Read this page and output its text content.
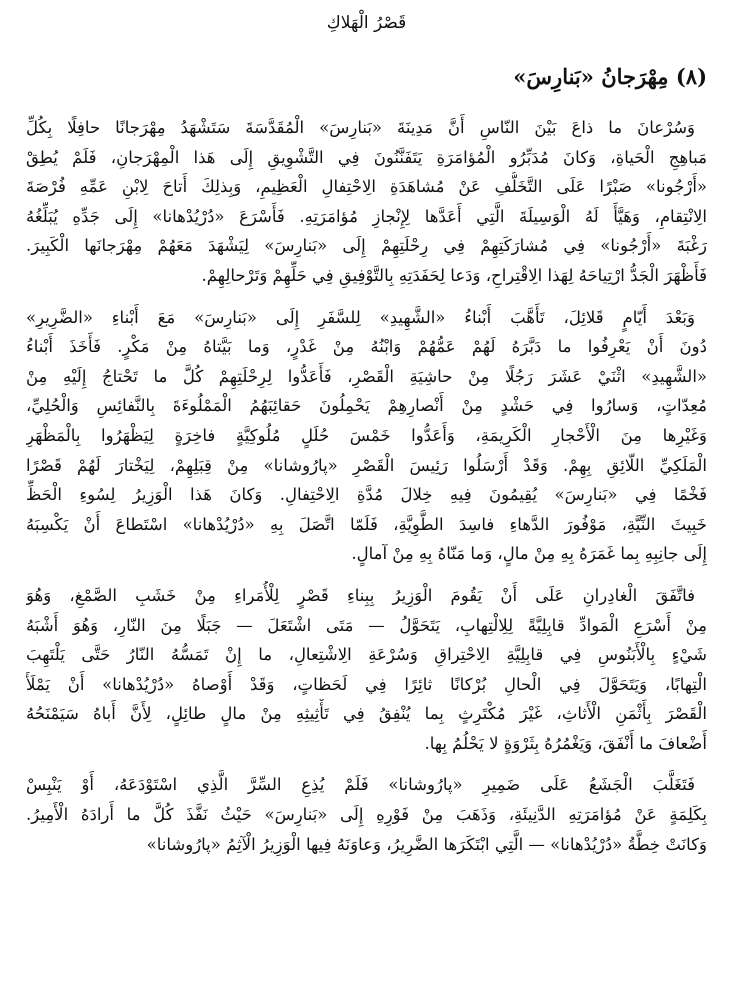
قَصْرُ الْهَلاكِ
(٨) مِهْرَجانُ «بَنارِسَ»
وَسُرْعانَ ما ذاعَ بَيْنَ النّاسِ أَنَّ مَدِينَةَ «بَنارِسَ» الْمُقَدَّسَةَ سَتَشْهَدُ مِهْرَجانًا حافِلًا بِكُلِّ
مَباهِجِ الْحَياةِ، وَكانَ مُدَبِّرُو الْمُؤامَرَةِ يَتَفَنَّنُونَ فِي التَّشْوِيقِ إِلَى هَذا الْمِهْرَجانِ، فَلَمْ يُطِقْ
«أَرْجُونا» صَبْرًا عَلَى التَّخَلُّفِ عَنْ مُشاهَدَةِ الِاحْتِفالِ الْعَظِيمِ، وَبِذلِكَ أَتاحَ لِابْنِ عَمِّهِ فُرْصَةَ
الِانْتِقامِ، وَهَيَّأَ لَهُ الْوَسِيلَةَ الَّتِي أَعَدَّها لِإِنْجازِ مُؤامَرَتِهِ. فَأَسْرَعَ «دُرْيُدْهانا» إِلَى جَدِّهِ يُبَلِّغُهُ
رَغْبَةَ «أَرْجُونا» فِي مُشارَكَتِهِمْ فِي رِحْلَتِهِمْ إِلَى «بَنارِسَ» لِيَشْهَدَ مَعَهُمْ مِهْرَجانَها الْكَبِيرَ.
فَأَظْهَرَ الْجَدُّ ارْتِياحَهُ لِهَذا الِاقْتِراحِ، وَدَعا لِحَفَدَتِهِ بِالتَّوْفِيقِ فِي حَلِّهِمْ وَتَرْحالِهِمْ.
وَبَعْدَ أَيّامٍ قَلائِلَ، تَأَهَّبَ أَبْناءُ «الشَّهِيدِ» لِلسَّفَرِ إِلَى «بَنارِسَ» مَعَ أَبْناءِ «الضَّرِيرِ»
دُونَ أَنْ يَعْرِفُوا ما دَبَّرَهُ لَهُمْ عَمُّهُمْ وَابْنُهُ مِنْ غَدْرٍ، وَما بَيَّتاهُ مِنْ مَكْرٍ. فَأَخَذَ أَبْناءُ
«الشَّهِيدِ» اثْنَيْ عَشَرَ رَجُلًا مِنْ حاشِيَةِ الْقَصْرِ، فَأَعَدُّوا لِرِحْلَتِهِمْ كُلَّ ما تَحْتاجُ إِلَيْهِ مِنْ
مُعِدّاتٍ، وَسارُوا فِي حَشْدٍ مِنْ أَنْصارِهِمْ يَحْمِلُونَ حَقائِبَهُمُ الْمَمْلُوءَةَ بِالنَّفائِسِ وَالْحُلِيِّ،
وَغَيْرِها مِنَ الْأَحْجارِ الْكَرِيمَةِ، وَأَعَدُّوا خَمْسَ حُلَلٍ مُلُوكِيَّةٍ فاخِرَةٍ لِيَظْهَرُوا بِالْمَظْهَرِ
الْمَلَكِيِّ اللّائِقِ بِهِمْ. وَقَدْ أَرْسَلُوا رَئِيسَ الْقَصْرِ «پارُوشانا» مِنْ قِبَلِهِمْ، لِيَخْتارَ لَهُمْ قَصْرًا
فَخْمًا فِي «بَنارِسَ» يُقِيمُونَ فِيهِ خِلالَ مُدَّةِ الِاحْتِفالِ. وَكانَ هَذا الْوَزِيرُ لِسُوءِ الْحَظِّ
خَبِيثَ النِّيَّةِ، مَوْفُورَ الدَّهاءِ فاسِدَ الطَّوِيَّةِ، فَلَمّا اتَّصَلَ بِهِ «دُرْيُدْهانا» اسْتَطاعَ أَنْ يَكْسِبَهُ
إِلَى جانِبِهِ بِما غَمَرَهُ بِهِ مِنْ مالٍ، وَما مَنّاهُ بِهِ مِنْ آمالٍ.
فاتَّفَقَ الْغادِرانِ عَلَى أَنْ يَقُومَ الْوَزِيرُ بِبِناءِ قَصْرٍ لِلْأُمَراءِ مِنْ خَشَبِ الصَّمْغِ، وَهُوَ
مِنْ أَسْرَعِ الْمَوادِّ قابِلِيَّةً لِلِالْتِهابِ، يَتَحَوَّلُ — مَتَى اشْتَعَلَ — جَبَلًا مِنَ النّارِ، وَهُوَ أَشْبَهُ
شَيْءٍ بِالْأَبَنُوسِ فِي قابِلِيَّةِ الِاحْتِراقِ وَسُرْعَةِ الِاشْتِعالِ، ما إِنْ تَمَسُّهُ النّارُ حَتَّى يَلْتَهِبَ
الْتِهابًا، وَيَتَحَوَّلَ فِي الْحالِ بُرْكانًا ثائِرًا فِي لَحَظاتٍ، وَقَدْ أَوْصاهُ «دُرْيُدْهانا» أَنْ يَمْلَأَ
الْقَصْرَ بِأَثْمَنِ الْأَثاثِ، غَيْرَ مُكْتَرِثٍ بِما يُنْفِقُ فِي تَأْثِيثِهِ مِنْ مالٍ طائِلٍ، لِأَنَّ أَباهُ سَيَمْنَحُهُ
أَضْعافَ ما أَنْفَقَ، وَيَغْمُرُهُ بِثَرْوَةٍ لا يَحْلُمُ بِها.
فَتَغَلَّبَ الْجَشَعُ عَلَى ضَمِيرِ «پارُوشانا» فَلَمْ يُذِعِ السِّرَّ الَّذِي اسْتَوْدَعَهُ، أَوْ يَنْبِسْ
بِكَلِمَةٍ عَنْ مُؤامَرَتِهِ الدَّنِيئَةِ، وَذَهَبَ مِنْ فَوْرِهِ إِلَى «بَنارِسَ» حَيْثُ نَفَّذَ كُلَّ ما أَرادَهُ الْأَمِيرُ.
وَكانَتْ خِطَّةُ «دُرْيُدْهانا» — الَّتِي ابْتَكَرَها الضَّرِيرُ، وَعاوَنَهُ فِيها الْوَزِيرُ الْآثِمُ «پارُوشانا»
